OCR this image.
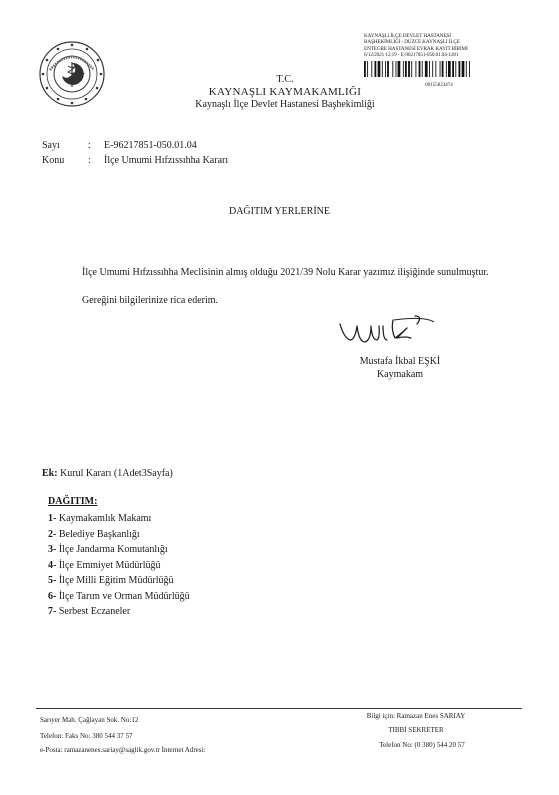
T.C.
KAYNAŞLI KAYMAKAMLIĞI
Kaynaşlı İlçe Devlet Hastanesi Başhekimliği
KAYNAŞLI İLÇE DEVLET HASTANESİ
BAŞHEKİMLİĞİ - DÜZCE KAYNAŞLI İLÇE
ENTEGRE HASTANESİ EVRAK KAYIT BİRİMİ
6/12/2021 12:19 - E-96217851-050.01.04-1281
00155823474
Sayı	: E-96217851-050.01.04
Konu : İlçe Umumi Hıfzıssıhha Kararı
DAĞITIM YERLERİNE
İlçe Umumi Hıfzıssıhha Meclisinin almış olduğu 2021/39 Nolu Karar yazımız ilişiğinde sunulmuştur.
Gereğini bilgilerinize rica ederim.
Mustafa İkbal EŞKİ
Kaymakam
Ek: Kurul Kararı (1Adet3Sayfa)
DAĞITIM:
1- Kaymakamlık Makamı
2- Belediye Başkanlığı
3- İlçe Jandarma Komutanlığı
4- İlçe Emmiyet Müdürlüğü
5- İlçe Milli Eğitim Müdürlüğü
6- İlçe Tarım ve Orman Müdürlüğü
7- Serbest Eczaneler
Sarıyer Mah. Çağlayan Sok. No:12
Telefon: Faks No: 380 544 37 57
e-Posta: ramazanenes.sariay@saglik.gov.tr İnternet Adresi:
Bilgi için: Ramazan Enes SARIAY
TIBBİ SEKRETER
Telefon No: (0 380) 544 20 57
